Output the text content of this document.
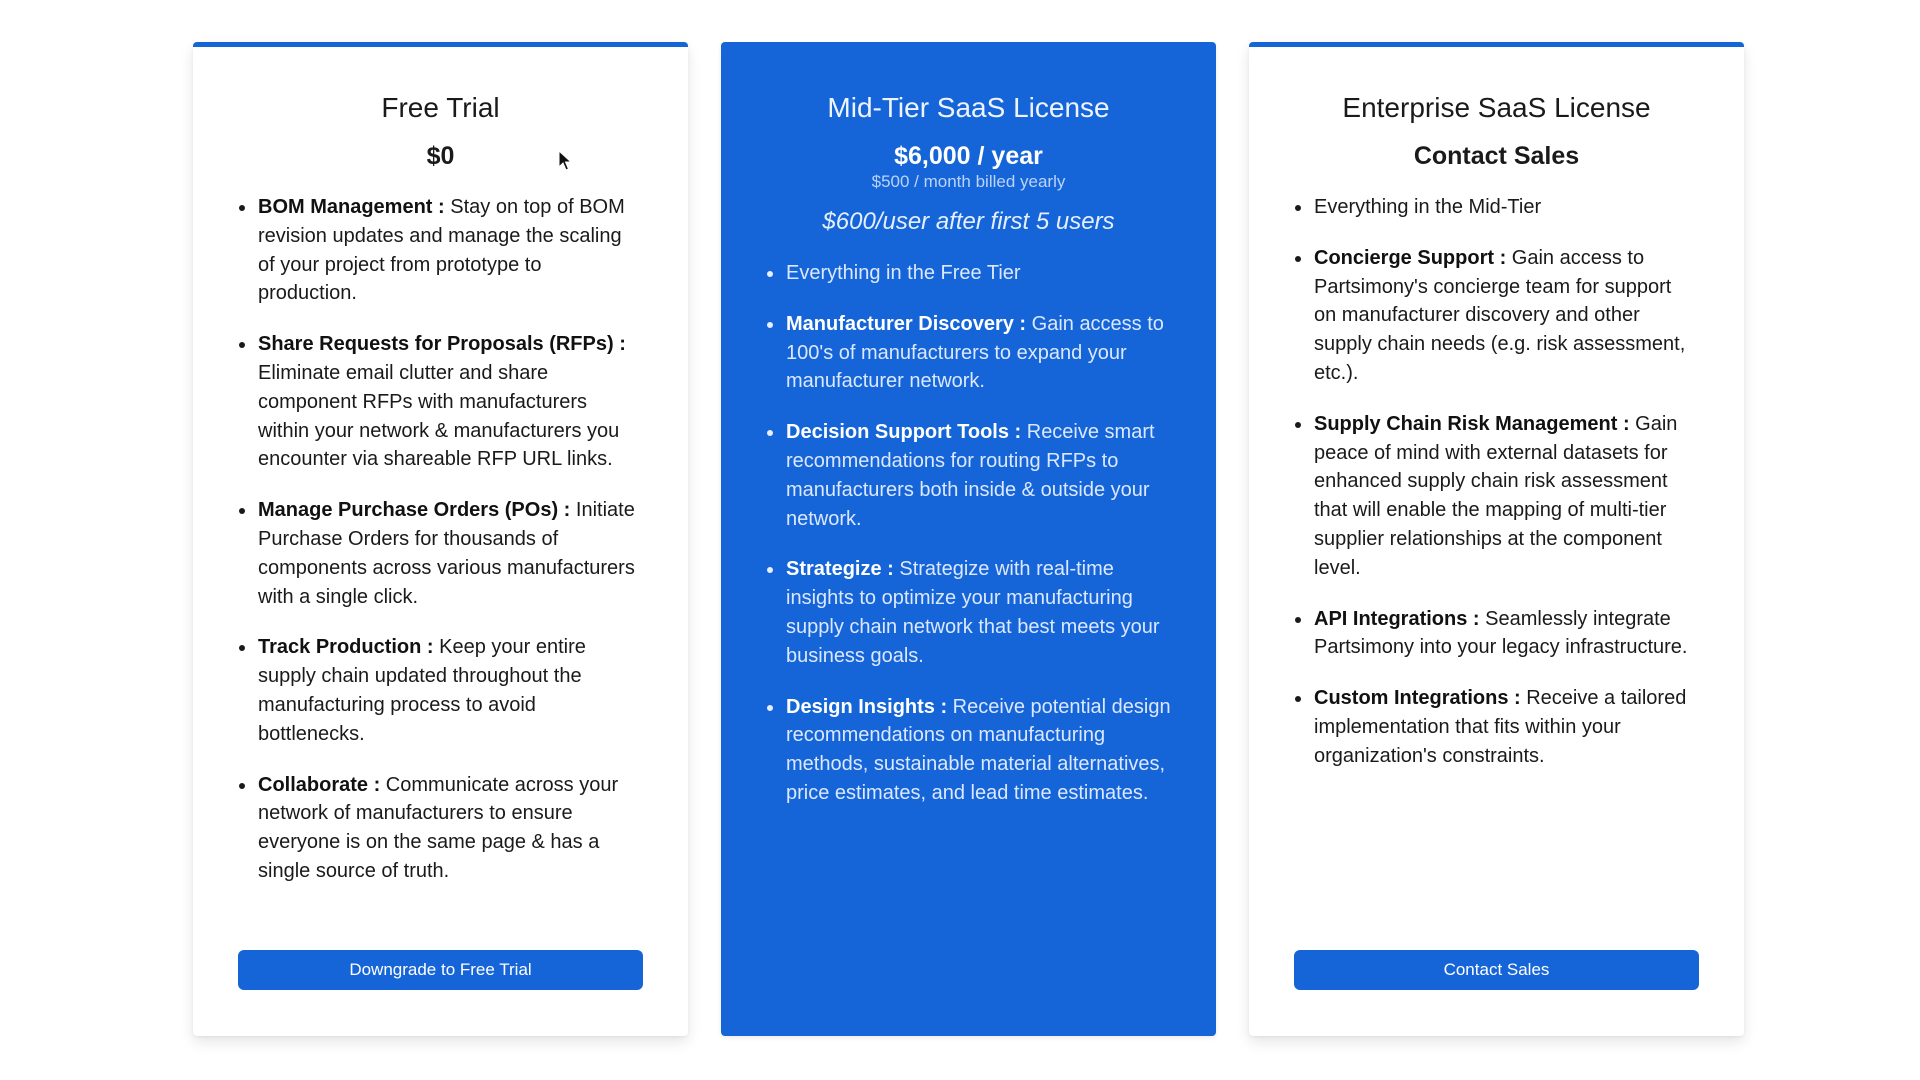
Free Trial
$0
BOM Management : Stay on top of BOM revision updates and manage the scaling of your project from prototype to production.
Share Requests for Proposals (RFPs) : Eliminate email clutter and share component RFPs with manufacturers within your network & manufacturers you encounter via shareable RFP URL links.
Manage Purchase Orders (POs) : Initiate Purchase Orders for thousands of components across various manufacturers with a single click.
Track Production : Keep your entire supply chain updated throughout the manufacturing process to avoid bottlenecks.
Collaborate : Communicate across your network of manufacturers to ensure everyone is on the same page & has a single source of truth.
Downgrade to Free Trial
Mid-Tier SaaS License
$6,000 / year
$500 / month billed yearly
$600/user after first 5 users
Everything in the Free Tier
Manufacturer Discovery : Gain access to 100's of manufacturers to expand your manufacturer network.
Decision Support Tools : Receive smart recommendations for routing RFPs to manufacturers both inside & outside your network.
Strategize : Strategize with real-time insights to optimize your manufacturing supply chain network that best meets your business goals.
Design Insights : Receive potential design recommendations on manufacturing methods, sustainable material alternatives, price estimates, and lead time estimates.
Enterprise SaaS License
Contact Sales
Everything in the Mid-Tier
Concierge Support : Gain access to Partsimony's concierge team for support on manufacturer discovery and other supply chain needs (e.g. risk assessment, etc.).
Supply Chain Risk Management : Gain peace of mind with external datasets for enhanced supply chain risk assessment that will enable the mapping of multi-tier supplier relationships at the component level.
API Integrations : Seamlessly integrate Partsimony into your legacy infrastructure.
Custom Integrations : Receive a tailored implementation that fits within your organization's constraints.
Contact Sales
